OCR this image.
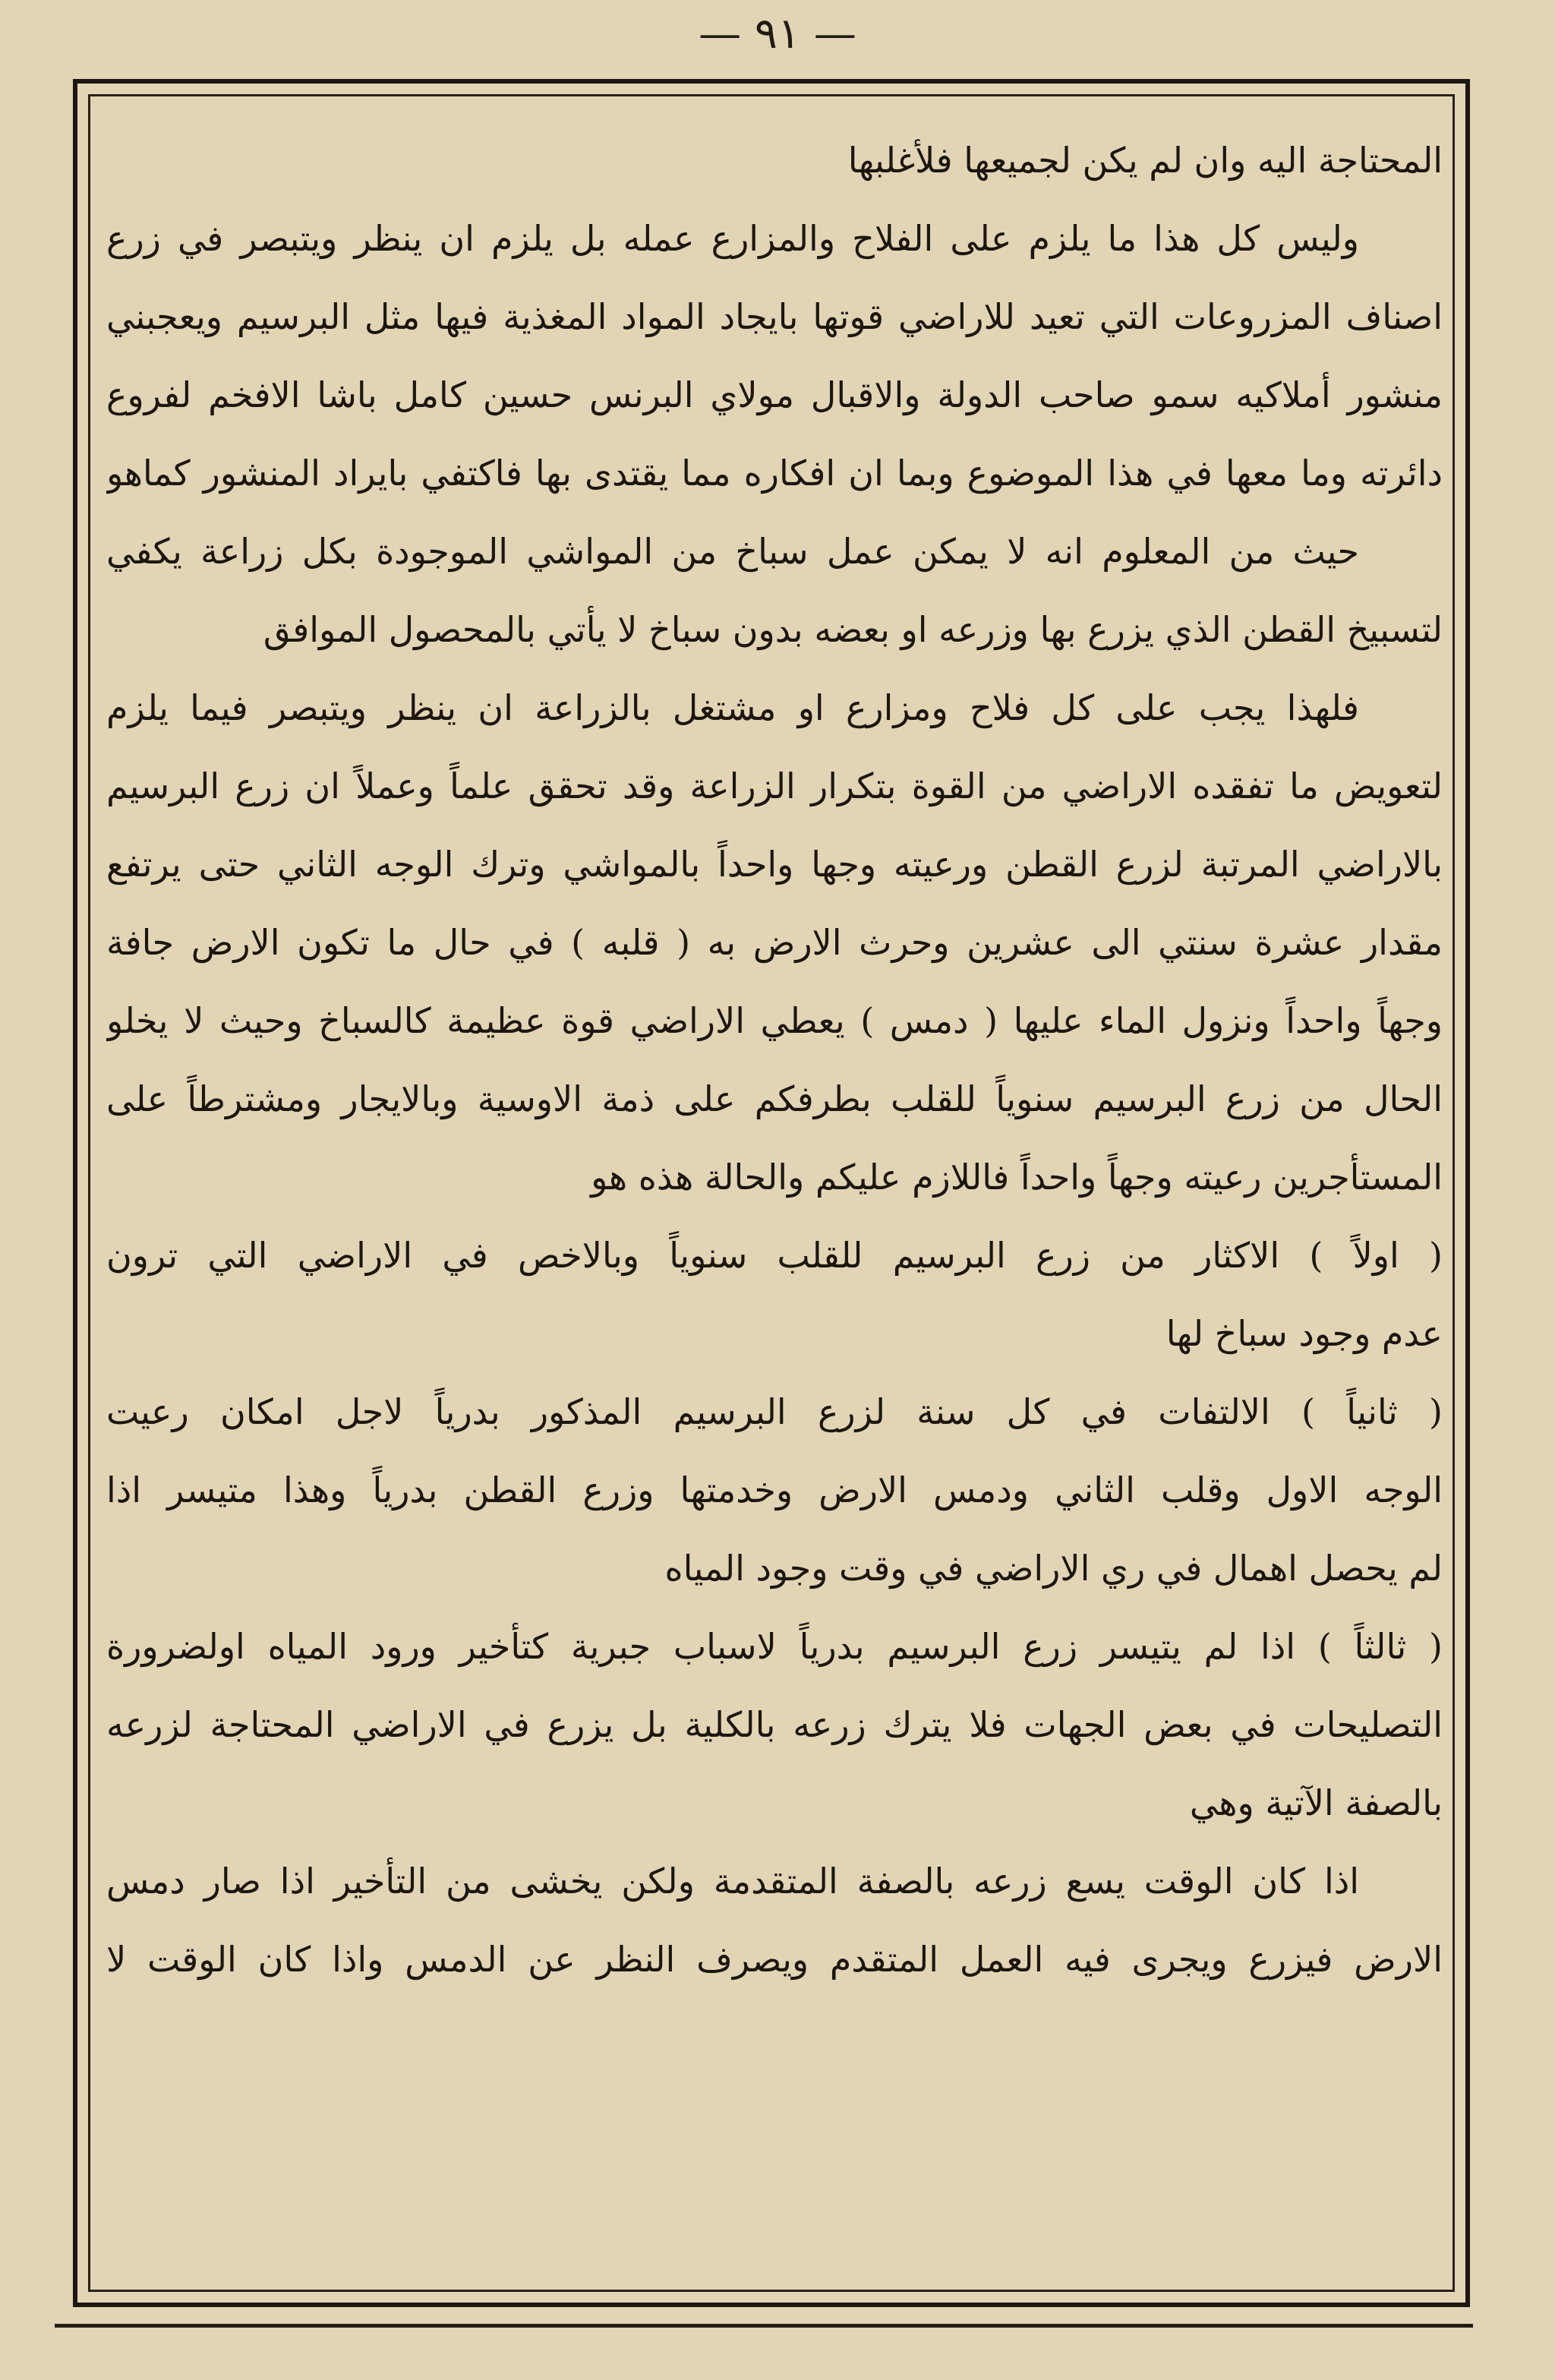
— ٩١ —

المحتاجة اليه وان لم يكن لجميعها فلأغلبها

وليس كل هذا ما يلزم على الفلاح والمزارع عمله بل يلزم ان ينظر ويتبصر في زرع

اصناف المزروعات التي تعيد للاراضي قوتها بايجاد المواد المغذية فيها مثل البرسيم ويعجبني

منشور أملاكيه سمو صاحب الدولة والاقبال مولاي البرنس حسين كامل باشا الافخم لفروع

دائرته وما معها في هذا الموضوع وبما ان افكاره مما يقتدى بها فاكتفي بايراد المنشور كماهو

حيث من المعلوم انه لا يمكن عمل سباخ من المواشي الموجودة بكل زراعة يكفي

لتسبيخ القطن الذي يزرع بها وزرعه او بعضه بدون سباخ لا يأتي بالمحصول الموافق

فلهذا يجب على كل فلاح ومزارع او مشتغل بالزراعة ان ينظر ويتبصر فيما يلزم

لتعويض ما تفقده الاراضي من القوة بتكرار الزراعة وقد تحقق علماً وعملاً ان زرع البرسيم

بالاراضي المرتبة لزرع القطن ورعيته وجها واحداً بالمواشي وترك الوجه الثاني حتى يرتفع

مقدار عشرة سنتي الى عشرين وحرث الارض به ( قلبه ) في حال ما تكون الارض جافة

وجهاً واحداً ونزول الماء عليها ( دمس ) يعطي الاراضي قوة عظيمة كالسباخ وحيث لا يخلو

الحال من زرع البرسيم سنوياً للقلب بطرفكم على ذمة الاوسية وبالايجار ومشترطاً على

المستأجرين رعيته وجهاً واحداً فاللازم عليكم والحالة هذه هو

( اولاً ) الاكثار من زرع البرسيم للقلب سنوياً وبالاخص في الاراضي التي ترون

عدم وجود سباخ لها

( ثانياً ) الالتفات في كل سنة لزرع البرسيم المذكور بدرياً لاجل امكان رعيت

الوجه الاول وقلب الثاني ودمس الارض وخدمتها وزرع القطن بدرياً وهذا متيسر اذا

لم يحصل اهمال في ري الاراضي في وقت وجود المياه

( ثالثاً ) اذا لم يتيسر زرع البرسيم بدرياً لاسباب جبرية كتأخير ورود المياه اولضرورة

التصليحات في بعض الجهات فلا يترك زرعه بالكلية بل يزرع في الاراضي المحتاجة لزرعه

بالصفة الآتية وهي

اذا كان الوقت يسع زرعه بالصفة المتقدمة ولكن يخشى من التأخير اذا صار دمس

الارض فيزرع ويجرى فيه العمل المتقدم ويصرف النظر عن الدمس واذا كان الوقت لا
